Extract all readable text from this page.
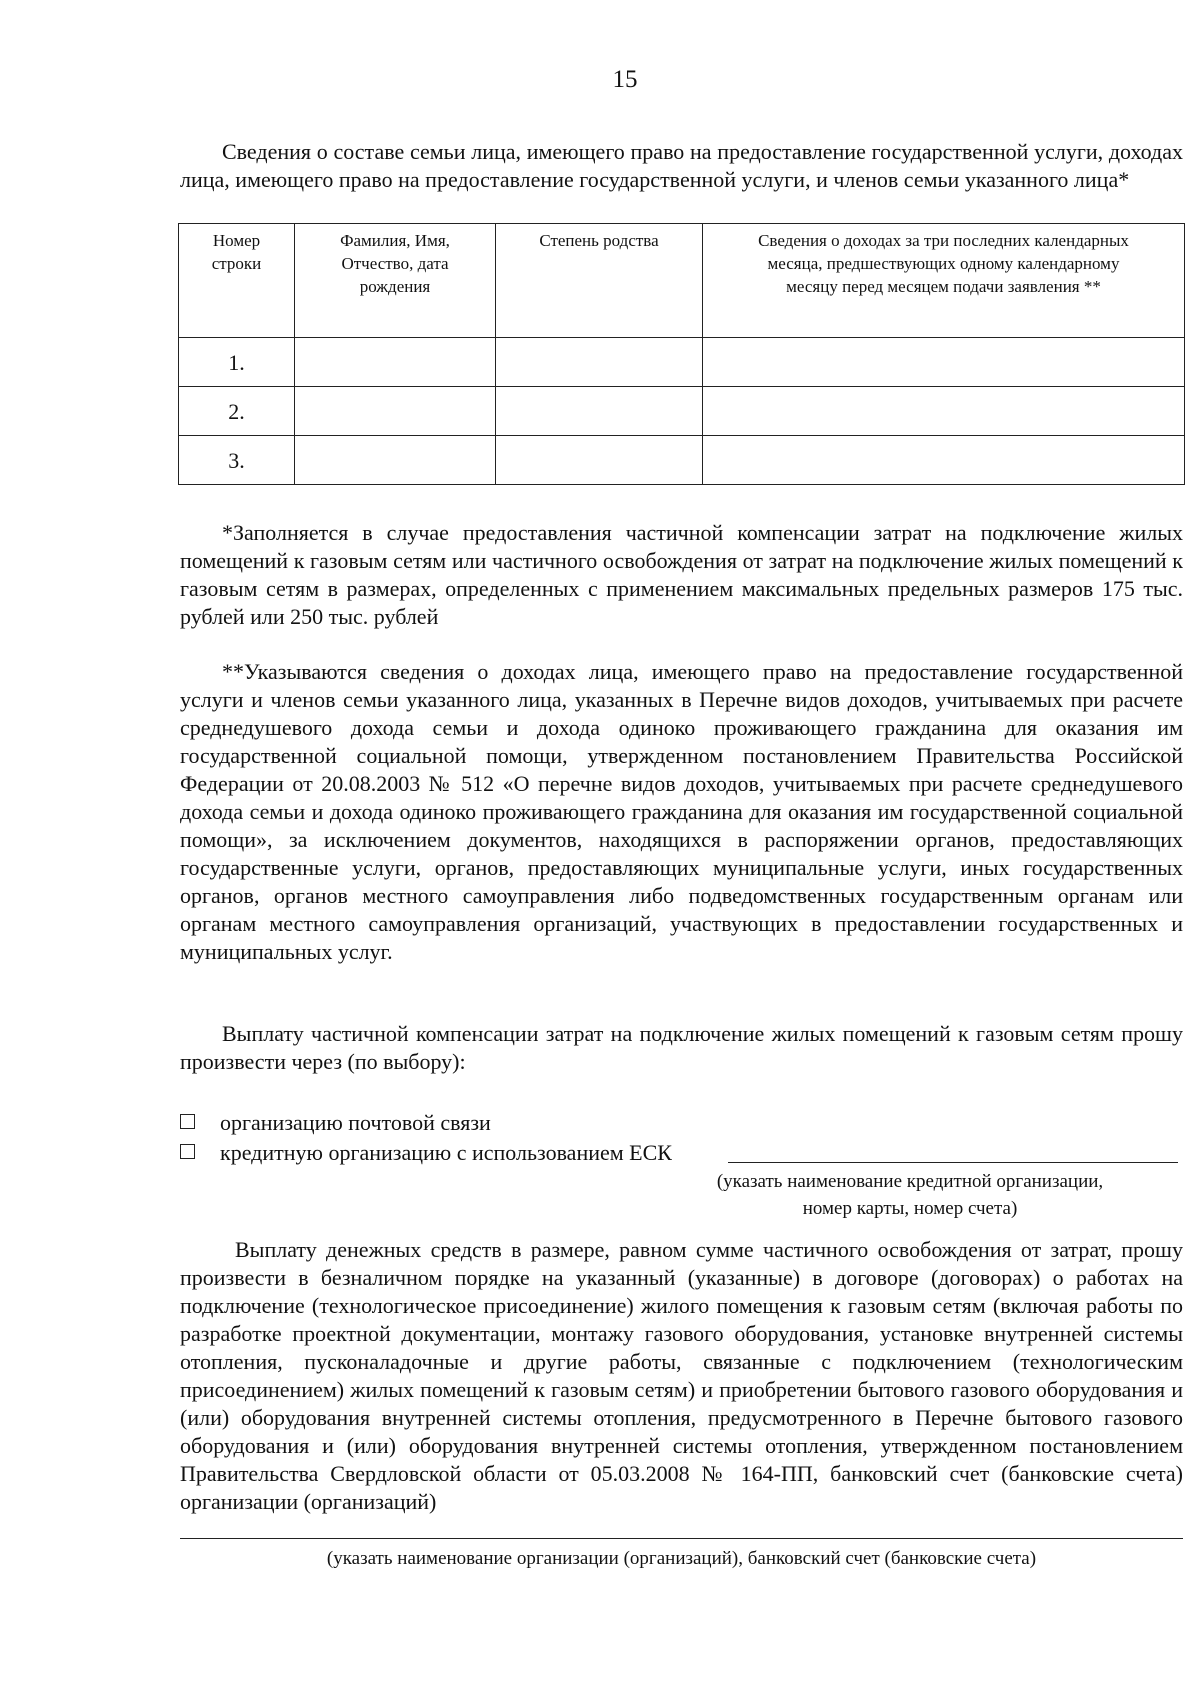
15

Сведения о составе семьи лица, имеющего право на предоставление государственной услуги, доходах лица, имеющего право на предоставление государственной услуги, и членов семьи указанного лица*

Номер строки	Фамилия, Имя, Отчество, дата рождения	Степень родства	Сведения о доходах за три последних календарных месяца, предшествующих одному календарному месяцу перед месяцем подачи заявления **

1.			
2.			
3.			

*Заполняется в случае предоставления частичной компенсации затрат на подключение жилых помещений к газовым сетям или частичного освобождения от затрат на подключение жилых помещений к газовым сетям в размерах, определенных с применением максимальных предельных размеров 175 тыс. рублей или 250 тыс. рублей

**Указываются сведения о доходах лица, имеющего право на предоставление государственной услуги и членов семьи указанного лица, указанных в Перечне видов доходов, учитываемых при расчете среднедушевого дохода семьи и дохода одиноко проживающего гражданина для оказания им государственной социальной помощи, утвержденном постановлением Правительства Российской Федерации от 20.08.2003 № 512 «О перечне видов доходов, учитываемых при расчете среднедушевого дохода семьи и дохода одиноко проживающего гражданина для оказания им государственной социальной помощи», за исключением документов, находящихся в распоряжении органов, предоставляющих государственные услуги, органов, предоставляющих муниципальные услуги, иных государственных органов, органов местного самоуправления либо подведомственных государственным органам или органам местного самоуправления организаций, участвующих в предоставлении государственных и муниципальных услуг.

Выплату частичной компенсации затрат на подключение жилых помещений к газовым сетям прошу произвести через (по выбору):

организацию почтовой связи
кредитную организацию с использованием ЕСК
(указать наименование кредитной организации,
номер карты, номер счета)

Выплату денежных средств в размере, равном сумме частичного освобождения от затрат, прошу произвести в безналичном порядке на указанный (указанные) в договоре (договорах) о работах на подключение (технологическое присоединение) жилого помещения к газовым сетям (включая работы по разработке проектной документации, монтажу газового оборудования, установке внутренней системы отопления, пусконаладочные и другие работы, связанные с подключением (технологическим присоединением) жилых помещений к газовым сетям) и приобретении бытового газового оборудования и (или) оборудования внутренней системы отопления, предусмотренного в Перечне бытового газового оборудования и (или) оборудования внутренней системы отопления, утвержденном постановлением Правительства Свердловской области от 05.03.2008 № 164-ПП, банковский счет (банковские счета) организации (организаций)

(указать наименование организации (организаций), банковский счет (банковские счета)
